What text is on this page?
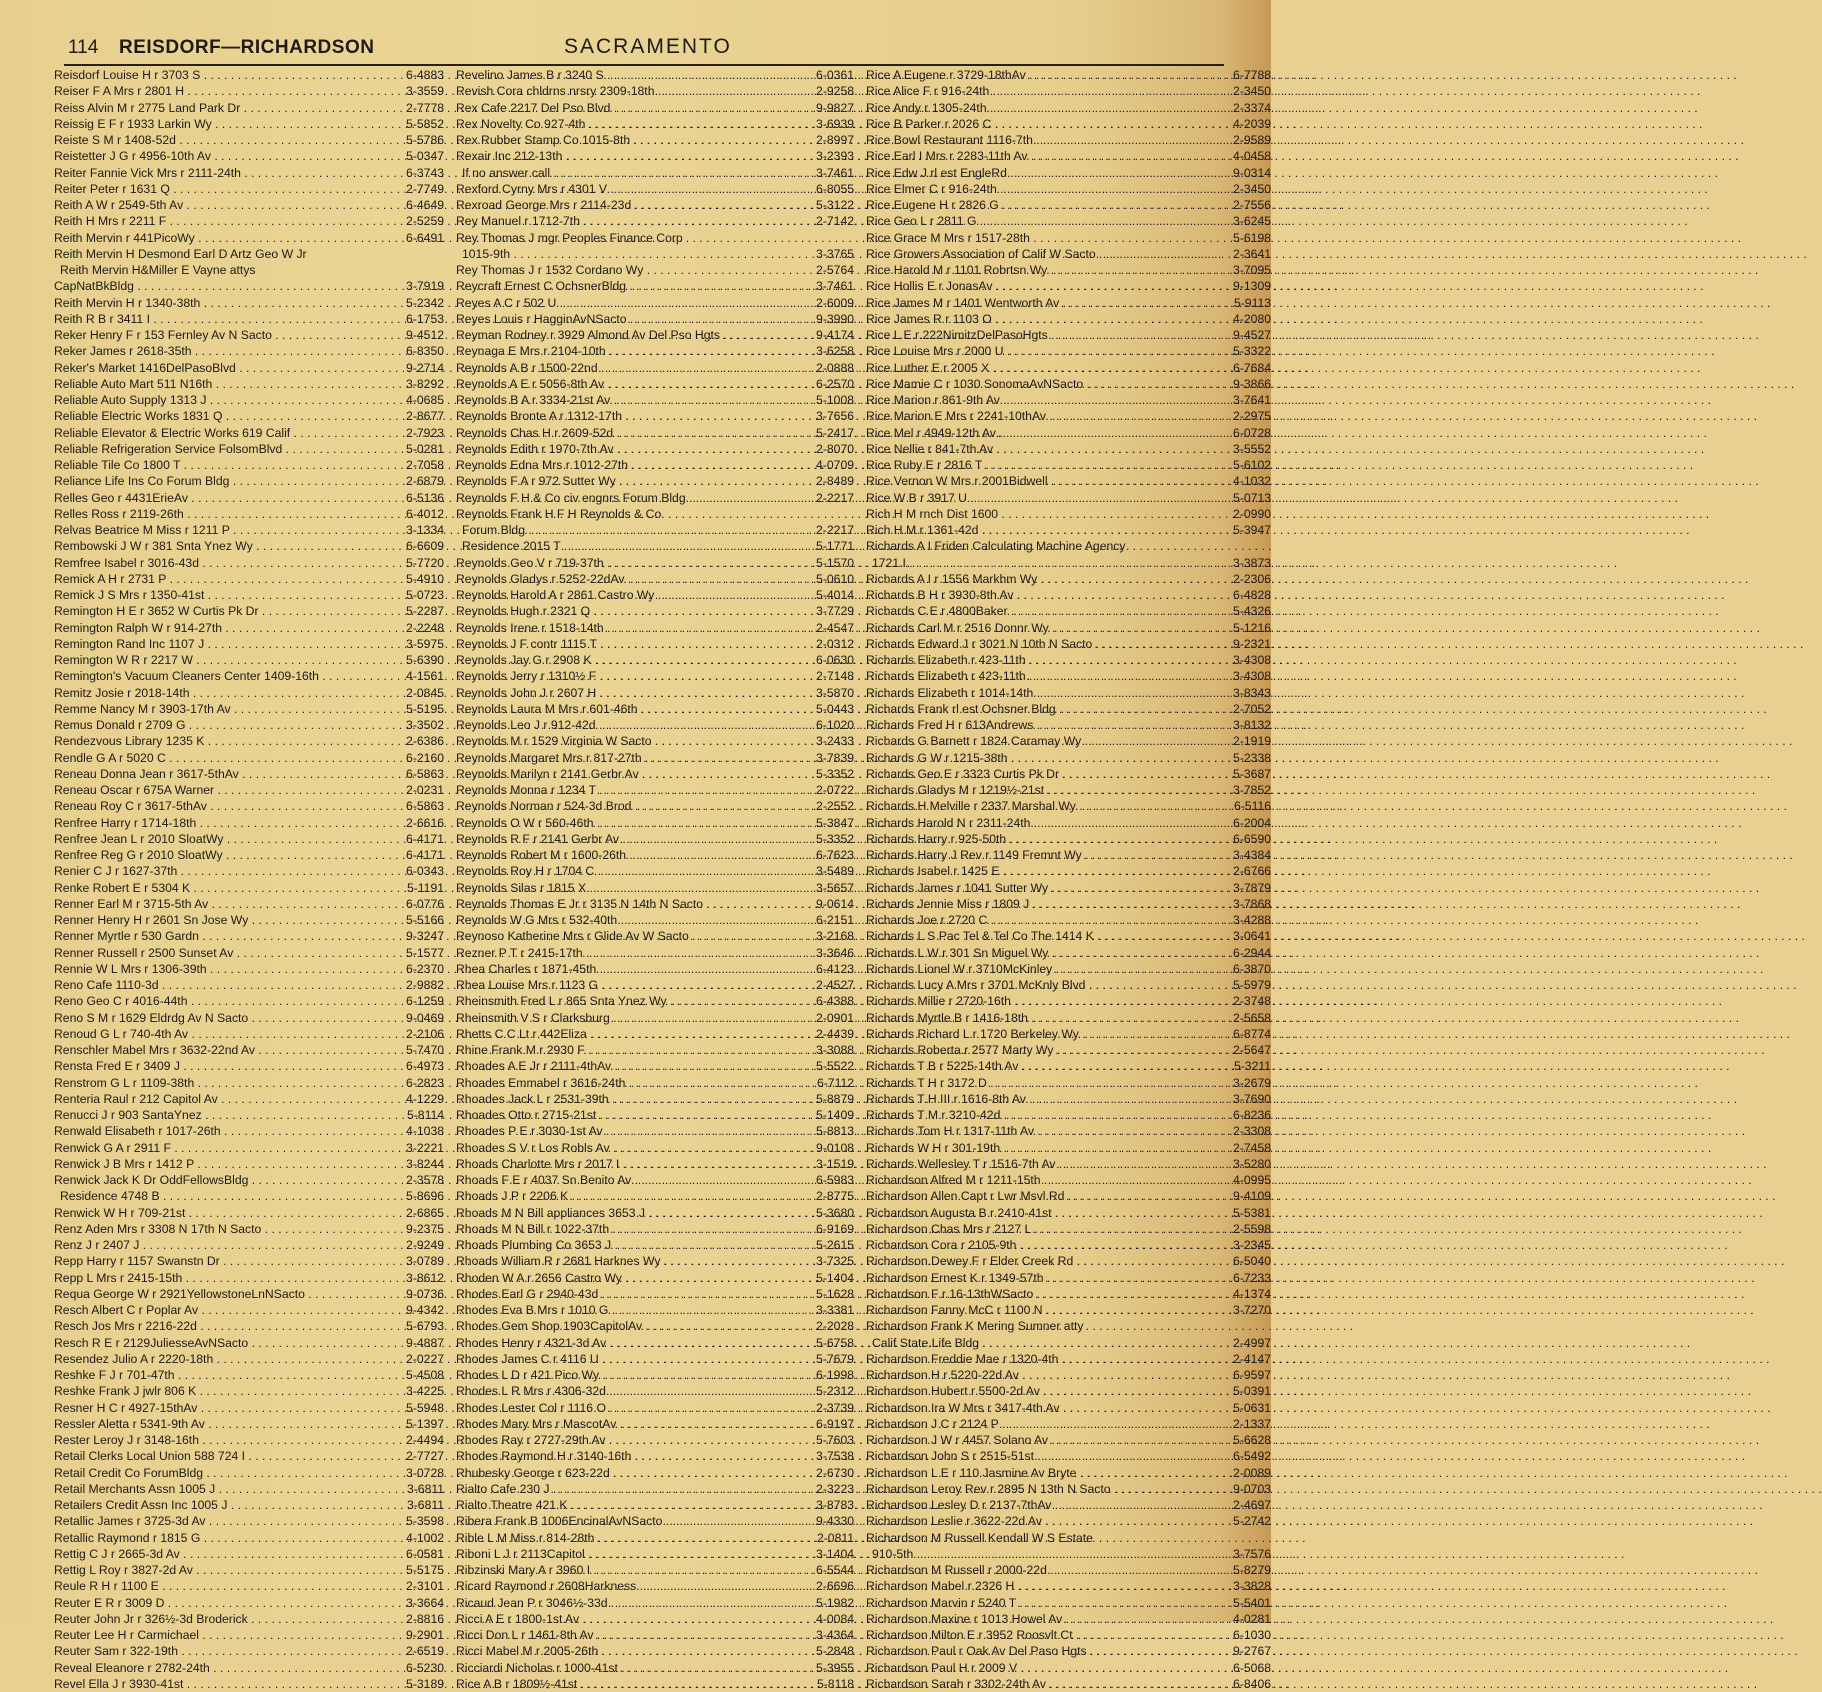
114 REISDORF—RICHARDSON	SACRAMENTO
Reisdorf Louise H r 3703 S . . .	6-4883
Reiser F A Mrs r 2801 H . . .	3-3559
Reiss Alvin M r 2775 Land Park Dr . . .	2-7778
Reissig E F r 1933 Larkin Wy . . .	5-5852
Reiste S M r 1408-52d . . .	5-5786
Reistetter J G r 4956-10th Av . . .	5-0347
Reiter Fannie Vick Mrs r 2111-24th . . .	6-3743
Reiter Peter r 1631 Q . . .	2-7749
Reith A W r 2549-5th Av . . .	6-4649
Reith H Mrs r 2211 F . . .	2-5259
Reith Mervin r 441PicoWy . . .	6-6491
Reith Mervin H Desmond Earl D Artz Geo W Jr
Reith Mervin H&Miller E Vayne attys
CapNatBkBldg . . .	3-7919
Reith Mervin H r 1340-38th . . .	5-2342
Reith R B r 3411 I . . .	6-1753
Reker Henry F r 153 Fernley Av N Sacto . . .	9-4512
Reker James r 2618-35th . . .	6-8350
Reker's Market 1416DelPasoBlvd . . .	9-2714
Reliable Auto Mart 511 N16th . . .	3-8292
Reliable Auto Supply 1313 J . . .	4-0685
Reliable Electric Works 1831 Q . . .	2-8677
Reliable Elevator & Electric Works 619 Calif . . .	2-7923
Reliable Refrigeration Service FolsomBlvd . . .	5-0281
Reliable Tile Co 1800 T . . .	2-7058
Reliance Life Ins Co Forum Bldg . . .	2-6879
Relles Geo r 4431ErieAv . . .	6-5136
Relles Ross r 2119-26th . . .	6-4012
Relvas Beatrice M Miss r 1211 P . . .	3-1334
Rembowski J W r 381 Snta Ynez Wy . . .	6-6609
Remfree Isabel r 3016-43d . . .	5-7720
Remick A H r 2731 P . . .	5-4910
Remick J S Mrs r 1350-41st . . .	5-0723
Remington H E r 3652 W Curtis Pk Dr . . .	5-2287
Remington Ralph W r 914-27th . . .	2-2248
Remington Rand Inc 1107 J . . .	3-5975
Remington W R r 2217 W . . .	5-6390
Remington's Vacuum Cleaners Center 1409-16th . . .	4-1561
Remitz Josie r 2018-14th . . .	2-0845
Remme Nancy M r 3903-17th Av . . .	5-5195
Remus Donald r 2709 G . . .	3-3502
Rendezvous Library 1235 K . . .	2-6386
Rendle G A r 5020 C . . .	6-2160
Reneau Donna Jean r 3617-5thAv . . .	6-5863
Reneau Oscar r 675A Warner . . .	2-0231
Reneau Roy C r 3617-5thAv . . .	6-5863
Renfree Harry r 1714-18th . . .	2-6616
Renfree Jean L r 2010 SloatWy . . .	6-4171
Renfree Reg G r 2010 SloatWy . . .	6-4171
Renier C J r 1627-37th . . .	6-0343
Renke Robert E r 5304 K . . .	5-1191
Renner Earl M r 3715-5th Av . . .	6-0776
Renner Henry H r 2601 Sn Jose Wy . . .	5-5166
Renner Myrtle r 530 Gardn . . .	9-3247
Renner Russell r 2500 Sunset Av . . .	5-1577
Rennie W L Mrs r 1306-39th . . .	6-2370
Reno Cafe 1110-3d . . .	2-9882
Reno Geo C r 4016-44th . . .	6-1259
Reno S M r 1629 Eldrdg Av N Sacto . . .	9-0469
Renoud G L r 740-4th Av . . .	2-2106
Renschler Mabel Mrs r 3632-22nd Av . . .	5-7470
Rensta Fred E r 3409 J . . .	6-4973
Renstrom G L r 1109-38th . . .	6-2823
Renteria Raul r 212 Capitol Av . . .	4-1229
Renucci J r 903 SantaYnez . . .	5-8114
Renwald Elisabeth r 1017-26th . . .	4-1038
Renwick G A r 2911 F . . .	3-2221
Renwick J B Mrs r 1412 P . . .	3-8244
Renwick Jack K Dr OddFellowsBldg . . .	2-3578
Residence 4748 B . . .	5-8696
Renwick W H r 709-21st . . .	2-6865
Renz Aden Mrs r 3308 N 17th N Sacto . . .	9-2375
Renz J r 2407 J . . .	2-9249
Repp Harry r 1157 Swanstn Dr . . .	3-0789
Repp L Mrs r 2415-15th . . .	3-8612
Requa George W r 2921YellowstoneLnNSacto . . .	9-0736
Resch Albert C r Poplar Av . . .	9-4342
Resch Jos Mrs r 2216-22d . . .	5-6793
Resch R E r 2129JuliesseAvNSacto . . .	9-4887
Resendez Julio A r 2220-18th . . .	2-0227
Reshke F J r 701-47th . . .	5-4508
Reshke Frank J jwlr 806 K . . .	3-4225
Resner H C r 4927-15thAv . . .	5-5948
Ressler Aletta r 5341-9th Av . . .	5-1397
Rester Leroy J r 3148-16th . . .	2-4494
Retail Clerks Local Union 588 724 I . . .	2-7727
Retail Credit Co ForumBldg . . .	3-0728
Retail Merchants Assn 1005 J . . .	3-6811
Retailers Credit Assn Inc 1005 J . . .	3-6811
Retallic James r 3725-3d Av . . .	5-3598
Retallic Raymond r 1815 G . . .	4-1002
Rettig C J r 2665-3d Av . . .	6-0581
Rettig L Roy r 3827-2d Av . . .	5-5175
Reule R H r 1100 E . . .	2-3101
Reuter E R r 3009 D . . .	3-3664
Reuter John Jr r 326½-3d Broderick . . .	2-8816
Reuter Lee H r Carmichael . . .	9-2901
Reuter Sam r 322-19th . . .	2-6519
Reveal Eleanore r 2782-24th . . .	6-5230
Revel Ella J r 3930-41st . . .	5-3189
Revelino James B r 3240 S . . .	6-0361
Revish Cora chldrns nrsry 2309-18th . . .	2-9258
Rex Cafe 2217 Del Pso Blvd . . .	9-9827
Rex Novelty Co 927-4th . . .	3-6939
Rex Rubber Stamp Co 1015-8th . . .	2-8997
Rexair Inc 212-13th . . .	3-2393
If no answer call . . .	3-7461
Rexford Cyrny Mrs r 4301 V . . .	6-8055
Rexroad George Mrs r 2114-23d . . .	5-3122
Rey Manuel r 1712-7th . . .	2-7142
Rey Thomas J mgr Peoples Finance Corp
1015-9th . . .	3-3765
Rey Thomas J r 1532 Cordano Wy . . .	2-5764
Reycraft Ernest C OchsnerBldg . . .	3-7461
Reyes A C r 502 U . . .	2-6009
Reyes Louis r HagginAvNSacto . . .	9-3990
Reyman Rodney r 3929 Almond Av Del Pso Hgts . . .	9-4174
Reynaga E Mrs r 2104-10th . . .	3-6258
Reynolds A B r 1500-22nd . . .	2-0888
Reynolds A E r 5056-8th Av . . .	6-2570
Reynolds B A r 3334-21st Av . . .	5-1008
Reynolds Bronte A r 1312-17th . . .	3-7656
Reynolds Chas H r 2609-52d . . .	5-2417
Reynolds Edith r 1970-7th Av . . .	2-8070
Reynolds Edna Mrs r 1012-27th . . .	4-0709
Reynolds F A r 972 Sutter Wy . . .	2-8489
Reynolds F H & Co civ engnrs Forum Bldg . . .	2-2217
Reynolds Frank H F H Reynolds & Co
Forum Bldg . . .	2-2217
Residence 2015 T . . .	5-1771
Reynolds Geo V r 719-37th . . .	5-1570
Reynolds Gladys r 5252-22dAv . . .	5-0610
Reynolds Harold A r 2861 Castro Wy . . .	5-4014
Reynolds Hugh r 2321 Q . . .	3-7729
Reynolds Irene r 1518-14th . . .	2-4547
Reynolds J F contr 1115 T . . .	2-0312
Reynolds Jay G r 2908 K . . .	6-0630
Reynolds Jerry r 1310½ F . . .	2-7148
Reynolds John J r 2607 H . . .	3-5870
Reynolds Laura M Mrs r 601-46th . . .	5-0443
Reynolds Leo J r 912-42d . . .	6-1020
Reynolds M r 1529 Virginia W Sacto . . .	3-2433
Reynolds Margaret Mrs r 817-27th . . .	3-7839
Reynolds Marilyn r 2141 Gerbr Av . . .	5-3352
Reynolds Monna r 1234 T . . .	2-0722
Reynolds Norman r 524-3d Brod . . .	2-2552
Reynolds O W r 560-46th . . .	5-3847
Reynolds R F r 2141 Gerbr Av . . .	5-3352
Reynolds Robert M r 1600-26th . . .	6-7623
Reynolds Roy H r 1704 C . . .	3-5489
Reynolds Silas r 1815 X . . .	3-5657
Reynolds Thomas E Jr r 3135 N 14th N Sacto . . .	9-0614
Reynolds W G Mrs r 532-40th . . .	6-2151
Reynoso Katherine Mrs r Glide Av W Sacto . . .	3-2168
Rezner P T r 2415-17th . . .	3-3646
Rhea Charles r 1871-45th . . .	6-4123
Rhea Louise Mrs r 1123 G . . .	2-4527
Rheinsmith Fred L r 865 Snta Ynez Wy . . .	6-4388
Rheinsmith V S r Clarksburg . . .	2-0901
Rhetts C C Lt r 442Eliza . . .	2-4439
Rhine Frank M r 2930 F . . .	3-3088
Rhoades A E Jr r 2111-4thAv . . .	5-5522
Rhoades Emmabel r 3616-24th . . .	6-7112
Rhoades Jack L r 2531-39th . . .	5-8879
Rhoades Otto r 2715-21st . . .	5-1409
Rhoades P E r 3030-1st Av . . .	5-8813
Rhoades S V r Los Robls Av . . .	9-0108
Rhoads Charlotte Mrs r 2017 I . . .	3-1519
Rhoads F E r 4037 Sn Benito Av . . .	6-5983
Rhoads J P r 2206 K . . .	2-8775
Rhoads M N Bill appliances 3653 J . . .	5-3680
Rhoads M N Bill r 1022-37th . . .	6-9169
Rhoads Plumbing Co 3653 J . . .	5-2615
Rhoads William R r 2681 Harknes Wy . . .	3-7325
Rhoden W A r 2656 Castro Wy . . .	5-1404
Rhodes Earl G r 2940-43d . . .	5-1628
Rhodes Eva B Mrs r 1010 G . . .	3-3381
Rhodes Gem Shop 1903CapitolAv . . .	2-2028
Rhodes Henry r 4321-3d Av . . .	5-6758
Rhodes James C r 4116 U . . .	5-7679
Rhodes L D r 421 Pico Wy . . .	6-1998
Rhodes L R Mrs r 4306-32d . . .	5-2312
Rhodes Lester Col r 1116 O . . .	2-3739
Rhodes Mary Mrs r MascotAv . . .	6-9197
Rhodes Ray r 2727-29th Av . . .	5-7603
Rhodes Raymond H r 3140-16th . . .	3-7538
Rhubesky George r 623-22d . . .	2-6730
Rialto Cafe 230 J . . .	2-3223
Rialto Theatre 421 K . . .	3-8783
Ribera Frank B 1006EncinalAvNSacto . . .	9-4330
Rible L M Miss r 814-28th . . .	2-0811
Riboni L J r 2113Capitol . . .	3-1404
Ribzinski Mary A r 3960 I . . .	6-5544
Ricard Raymond r 2608Harkness . . .	2-6696
Ricaud Jean P r 3046½-33d . . .	5-1982
Ricci A E r 1800-1st Av . . .	4-0084
Ricci Don L r 1461-8th Av . . .	3-4364
Ricci Mabel M r 2005-26th . . .	5-2848
Ricciardi Nicholas r 1000-41st . . .	5-3955
Rice A B r 1809½-41st . . .	5-8118
Rice A Eugene r 3729-18thAv . . .	6-7788
Rice Alice F r 916-24th . . .	2-3450
Rice Andy r 1305-24th . . .	2-3374
Rice B Parker r 2026 C . . .	4-2039
Rice Bowl Restaurant 1116-7th . . .	2-9589
Rice Earl I Mrs r 2283-11th Av . . .	4-0458
Rice Edw J rl est EngleRd . . .	9-0314
Rice Elmer C r 916-24th . . .	2-3450
Rice Eugene H r 2826 G . . .	2-7556
Rice Geo L r 2811 G . . .	3-6245
Rice Grace M Mrs r 1517-28th . . .	5-6198
Rice Growers Association of Calif W Sacto . . .	2-3641
Rice Harold M r 1101 Robrtsn Wy . . .	3-7095
Rice Hollis E r JonasAv . . .	9-1309
Rice James M r 1401 Wentworth Av . . .	5-9113
Rice James R r 1103 O . . .	4-2080
Rice L E r 222NimitzDelPasoHgts . . .	9-4527
Rice Louise Mrs r 2000 U . . .	5-3322
Rice Luther E r 2005 X . . .	6-7684
Rice Mamie C r 1030 SonomaAvNSacto . . .	9-3866
Rice Marion r 861-9th Av . . .	3-7641
Rice Marion E Mrs r 2241-10thAv . . .	2-2975
Rice Mel r 4949-12th Av . . .	6-0728
Rice Nellie r 841-7th Av . . .	3-5552
Rice Ruby E r 2816 T . . .	5-6102
Rice Vernon W Mrs r 2001Bidwell . . .	4-1032
Rice W B r 3917 U . . .	5-0713
Rich H M rnch Dist 1600 . . .	2-0990
Rich H M r 1361-42d . . .	5-3947
Richards A I Friden Calculating Machine Agency
1721 I . . .	3-3873
Richards A I r 1556 Markhm Wy . . .	2-2306
Richards B H r 3930-8th Av . . .	6-4828
Richards C E r 4800Baker . . .	5-4326
Richards Carl M r 2516 Donnr Wy . . .	5-1216
Richards Edward J r 3021 N 10th N Sacto . . .	9-2321
Richards Elizabeth r 423-11th . . .	3-4308
Richards Elizabeth r 423-11th . . .	3-4308
Richards Elizabeth r 1014-14th . . .	3-8343
Richards Frank rl est Ochsner Bldg . . .	2-7052
Richards Fred H r 613Andrews . . .	3-8132
Richards G Barnett r 1824 Caramay Wy . . .	2-1919
Richards G W r 1215-38th . . .	5-2338
Richards Geo E r 3323 Curtis Pk Dr . . .	5-3687
Richards Gladys M r 1219½-21st . . .	3-7852
Richards H Melville r 2337 Marshal Wy . . .	6-5116
Richards Harold N r 2311-24th . . .	6-2004
Richards Harry r 925-50th . . .	6-6590
Richards Harry J Rev r 1149 Fremnt Wy . . .	3-4384
Richards Isabel r 1425 E . . .	2-6766
Richards James r 1041 Sutter Wy . . .	3-7879
Richards Jennie Miss r 1809 J . . .	3-7868
Richards Joe r 2720 C . . .	3-4288
Richards L S Pac Tel & Tel Co The 1414 K . . .	3-0641
Richards L W r 301 Sn Miguel Wy . . .	6-2944
Richards Lionel W r 3710McKinley . . .	6-3870
Richards Lucy A Mrs r 3701 McKnly Blvd . . .	5-5979
Richards Millie r 2720-16th . . .	2-3748
Richards Myrtle B r 1416-18th . . .	2-5658
Richards Richard L r 1720 Berkeley Wy . . .	6-8774
Richards Roberta r 2577 Marty Wy . . .	2-5647
Richards T B r 5225-14th Av . . .	5-3211
Richards T H r 3172 D . . .	3-2679
Richards T H III r 1616-8th Av . . .	3-7690
Richards T M r 3210-42d . . .	6-8236
Richards Tom H r 1317-11th Av . . .	2-3308
Richards W H r 301-19th . . .	2-7458
Richards Wellesley T r 1516-7th Av . . .	3-5280
Richardson Alfred M r 1211-15th . . .	4-0995
Richardson Allen Capt r Lwr Msvl Rd . . .	9-4109
Richardson Augusta B r 2410-41st . . .	5-5381
Richardson Chas Mrs r 2127 L . . .	2-5598
Richardson Cora r 2105-9th . . .	3-2345
Richardson Dewey F r Elder Creek Rd . . .	6-5040
Richardson Ernest K r 1349-57th . . .	6-7233
Richardson F r 16-13thWSacto . . .	4-1374
Richardson Fanny McC r 1100 N . . .	3-7270
Richardson Frank K Mering Sumner atty
Calif State Life Bldg . . .	2-4997
Richardson Freddie Mae r 1320-4th . . .	2-4147
Richardson H r 5220-22d Av . . .	6-9597
Richardson Hubert r 5500-2d Av . . .	5-0391
Richardson Ira W Mrs r 3417-4th Av . . .	5-0631
Richardson J C r 2124 P . . .	2-1337
Richardson J W r 4457 Solano Av . . .	5-6628
Richardson John S r 2515-51st . . .	6-5492
Richardson L E r 110 Jasmine Av Bryte . . .	2-0089
Richardson Leroy Rev r 2895 N 13th N Sacto . . .	9-0703
Richardson Lesley D r 2137-7thAv . . .	2-4697
Richardson Leslie r 3622-22d Av . . .	5-2742
Richardson M Russell Kendall W S Estate
910-5th . . .	3-7576
Richardson M Russell r 2000-22d . . .	5-8279
Richardson Mabel r 2326 H . . .	3-3828
Richardson Marvin r 5240 T . . .	5-5401
Richardson Maxine r 1013 Howel Av . . .	4-0281
Richardson Milton E r 3952 Roosvlt Ct . . .	6-1030
Richardson Paul r Oak Av Del Paso Hgts . . .	9-2767
Richardson Paul H r 2009 V . . .	6-5068
Richardson Sarah r 3302-24th Av . . .	6-8406
